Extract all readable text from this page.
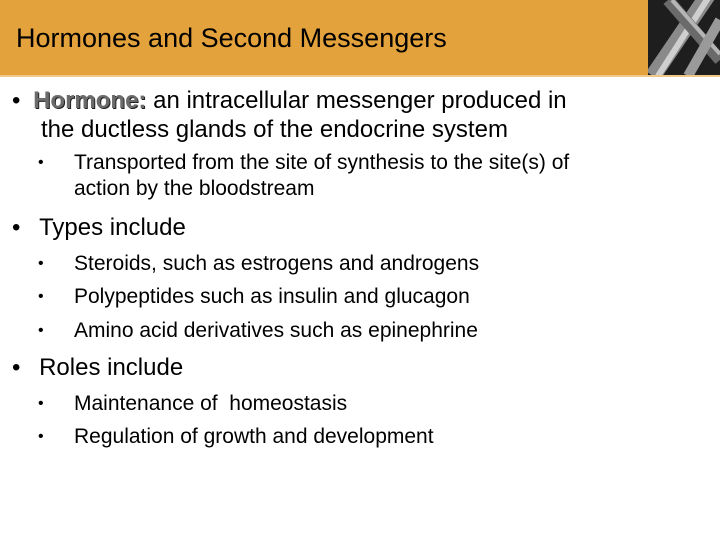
Hormones and Second Messengers
• Hormone: an intracellular messenger produced in
the ductless glands of the endocrine system
• Transported from the site of synthesis to the site(s) of
action by the bloodstream
• Types include
• Steroids, such as estrogens and androgens
• Polypeptides such as insulin and glucagon
• Amino acid derivatives such as epinephrine
• Roles include
• Maintenance of  homeostasis
• Regulation of growth and development
